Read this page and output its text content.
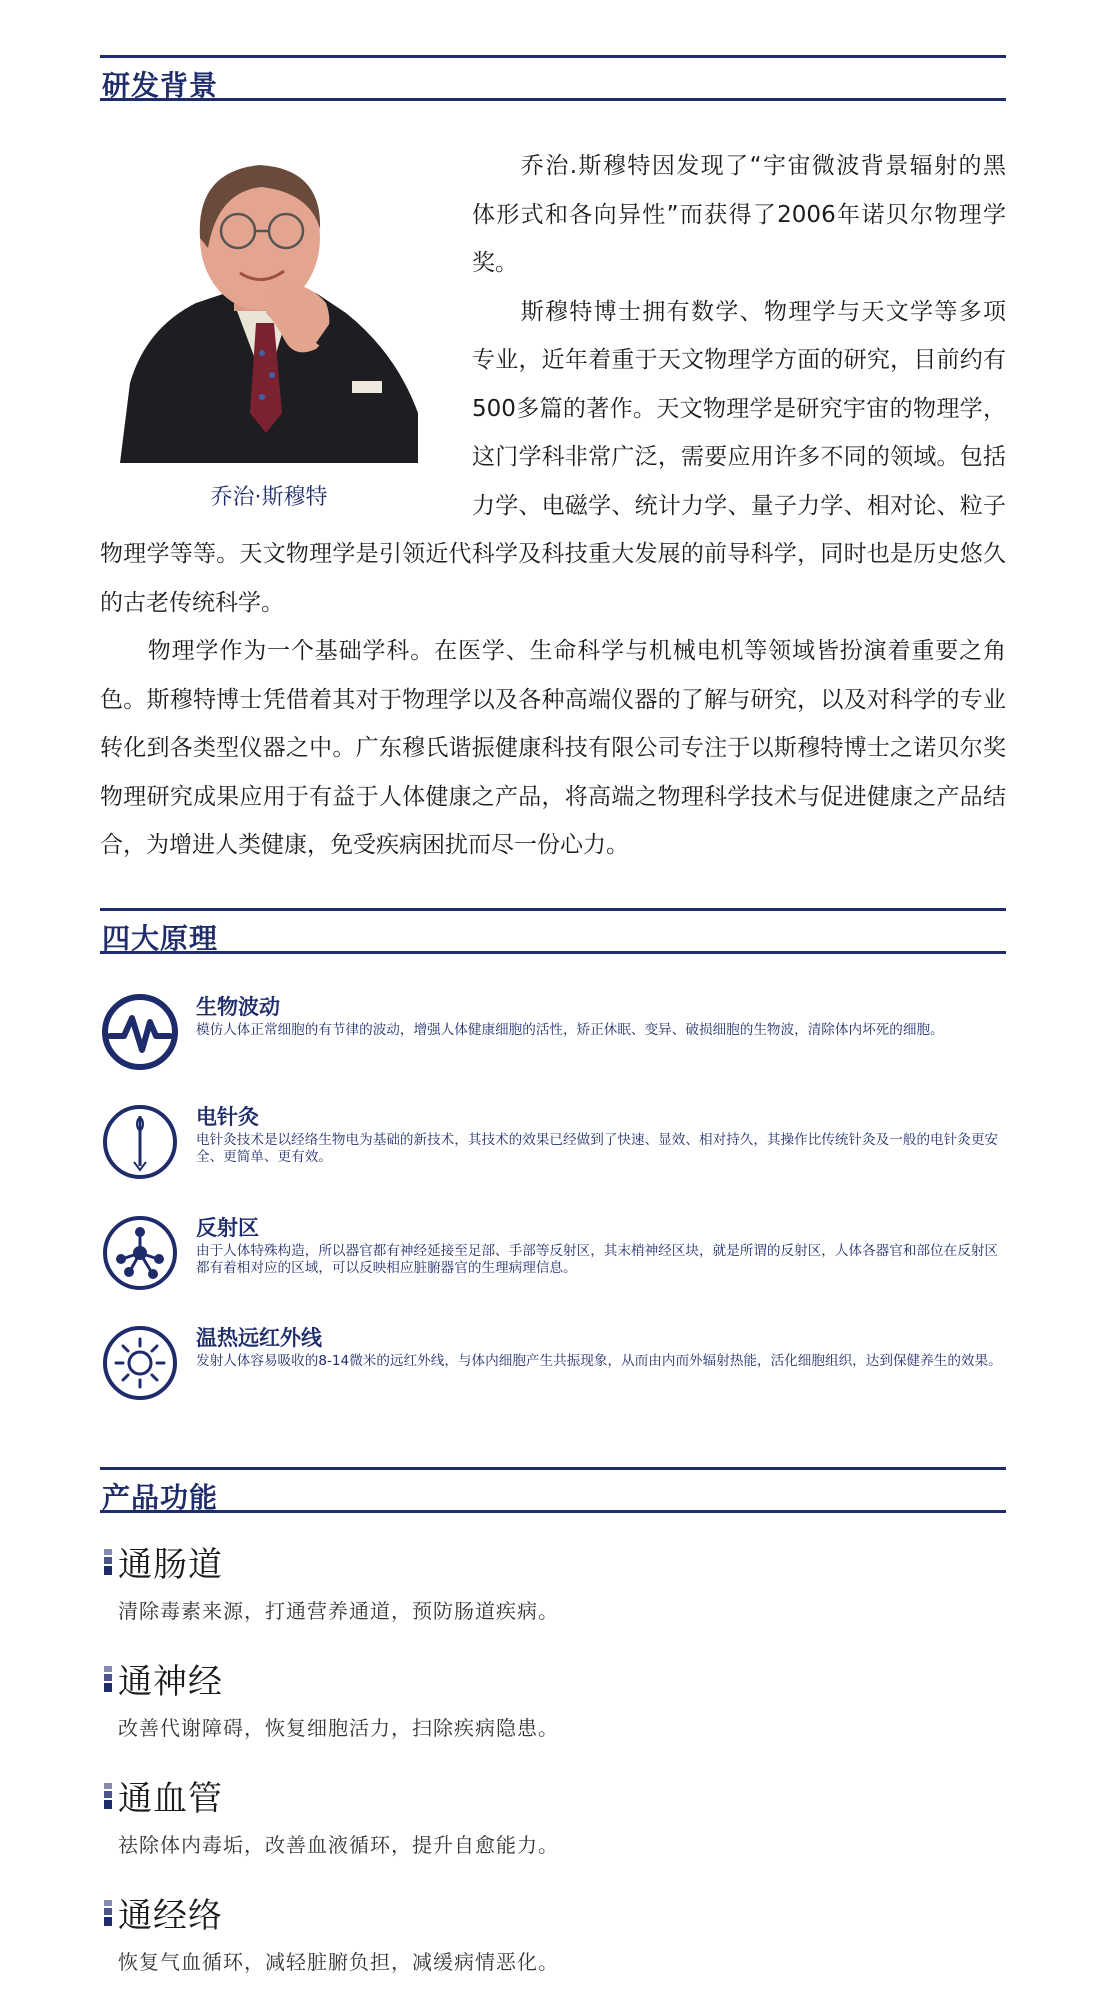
研发背景
乔治·斯穆特

　　乔治.斯穆特因发现了“宇宙微波背景辐射的黑

体形式和各向异性”而获得了2006年诺贝尔物理学

奖。

　　斯穆特博士拥有数学、物理学与天文学等多项

专业，近年着重于天文物理学方面的研究，目前约有

500多篇的著作。天文物理学是研究宇宙的物理学，

这门学科非常广泛，需要应用许多不同的领域。包括

力学、电磁学、统计力学、量子力学、相对论、粒子

物理学等等。天文物理学是引领近代科学及科技重大发展的前导科学，同时也是历史悠久

的古老传统科学。

　　物理学作为一个基础学科。在医学、生命科学与机械电机等领域皆扮演着重要之角

色。斯穆特博士凭借着其对于物理学以及各种高端仪器的了解与研究，以及对科学的专业

转化到各类型仪器之中。广东穆氏谐振健康科技有限公司专注于以斯穆特博士之诺贝尔奖

物理研究成果应用于有益于人体健康之产品，将高端之物理科学技术与促进健康之产品结

合，为增进人类健康，免受疾病困扰而尽一份心力。

四大原理
生物波动
模仿人体正常细胞的有节律的波动，增强人体健康细胞的活性，矫正休眠、变异、破损细胞的生物波，清除体内坏死的细胞。
电针灸
电针灸技术是以经络生物电为基础的新技术，其技术的效果已经做到了快速、显效、相对持久，其操作比传统针灸及一般的电针灸更安全、更简单、更有效。
反射区
由于人体特殊构造，所以器官都有神经延接至足部、手部等反射区，其末梢神经区块，就是所谓的反射区，人体各器官和部位在反射区都有着相对应的区域，可以反映相应脏腑器官的生理病理信息。
温热远红外线
发射人体容易吸收的8-14微米的远红外线，与体内细胞产生共振现象，从而由内而外辐射热能，活化细胞组织，达到保健养生的效果。
产品功能
通肠道
清除毒素来源，打通营养通道，预防肠道疾病。
通神经
改善代谢障碍，恢复细胞活力，扫除疾病隐患。
通血管
祛除体内毒垢，改善血液循环，提升自愈能力。
通经络
恢复气血循环，减轻脏腑负担，减缓病情恶化。
